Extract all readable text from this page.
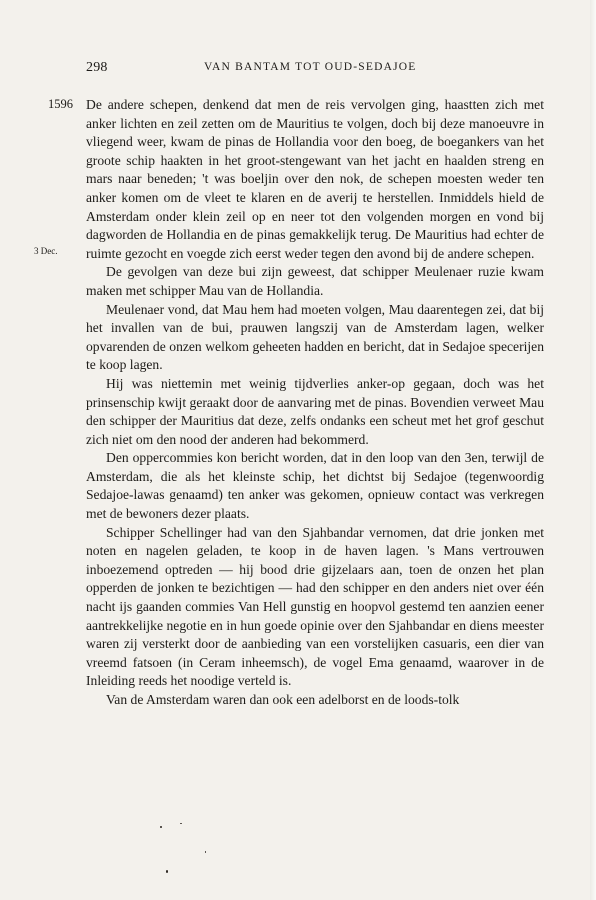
298	VAN BANTAM TOT OUD-SEDAJOE
1596
3 Dec.

De andere schepen, denkend dat men de reis vervolgen ging, haastten zich met anker lichten en zeil zetten om de Mauritius te volgen, doch bij deze manoeuvre in vliegend weer, kwam de pinas de Hollandia voor den boeg, de boegankers van het groote schip haakten in het groot-stengewant van het jacht en haalden streng en mars naar beneden; 't was boeljin over den nok, de schepen moesten weder ten anker komen om de vleet te klaren en de averij te herstellen. Inmiddels hield de Amsterdam onder klein zeil op en neer tot den volgenden morgen en vond bij dagworden de Hollandia en de pinas gemakkelijk terug. De Mauritius had echter de ruimte gezocht en voegde zich eerst weder tegen den avond bij de andere schepen.

De gevolgen van deze bui zijn geweest, dat schipper Meulenaer ruzie kwam maken met schipper Mau van de Hollandia.

Meulenaer vond, dat Mau hem had moeten volgen, Mau daarentegen zei, dat bij het invallen van de bui, prauwen langszij van de Amsterdam lagen, welker opvarenden de onzen welkom geheeten hadden en bericht, dat in Sedajoe specerijen te koop lagen.

Hij was niettemin met weinig tijdverlies anker-op gegaan, doch was het prinsenschip kwijt geraakt door de aanvaring met de pinas. Bovendien verweet Mau den schipper der Mauritius dat deze, zelfs ondanks een scheut met het grof geschut zich niet om den nood der anderen had bekommerd.

Den oppercommies kon bericht worden, dat in den loop van den 3en, terwijl de Amsterdam, die als het kleinste schip, het dichtst bij Sedajoe (tegenwoordig Sedajoe-lawas genaamd) ten anker was gekomen, opnieuw contact was verkregen met de bewoners dezer plaats.

Schipper Schellinger had van den Sjahbandar vernomen, dat drie jonken met noten en nagelen geladen, te koop in de haven lagen. 's Mans vertrouwen inboezemend optreden — hij bood drie gijzelaars aan, toen de onzen het plan opperden de jonken te bezichtigen — had den schipper en den anders niet over één nacht ijs gaanden commies Van Hell gunstig en hoopvol gestemd ten aanzien eener aantrekkelijke negotie en in hun goede opinie over den Sjahbandar en diens meester waren zij versterkt door de aanbieding van een vorstelijken casuaris, een dier van vreemd fatsoen (in Ceram inheemsch), de vogel Ema genaamd, waarover in de Inleiding reeds het noodige verteld is.

Van de Amsterdam waren dan ook een adelborst en de loods-tolk
